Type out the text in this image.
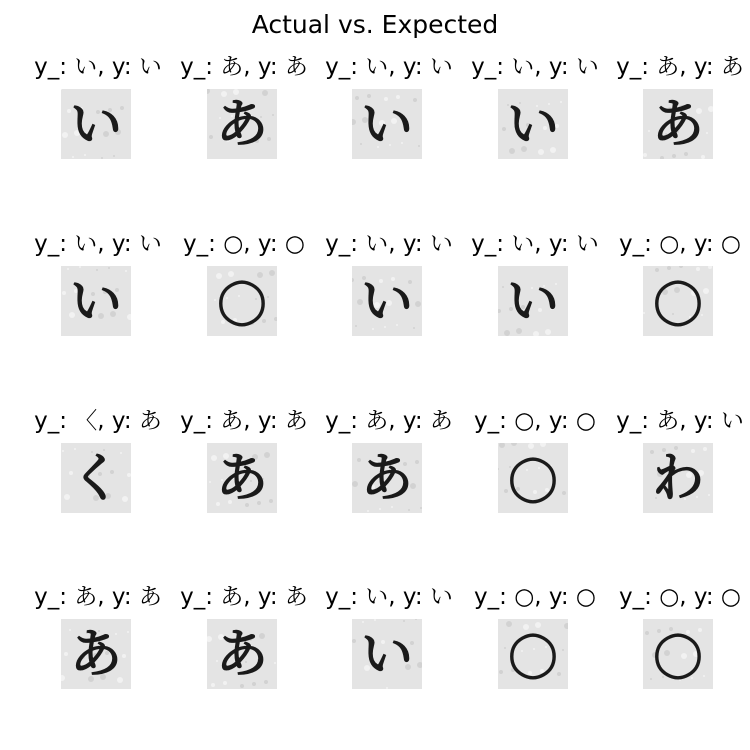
Actual vs. Expected
y_: い, y: い
い
y_: あ, y: あ
あ
y_: い, y: い
い
y_: い, y: い
い
y_: あ, y: あ
あ
y_: い, y: い
い
y_: ○, y: ○
○
y_: い, y: い
い
y_: い, y: い
い
y_: ○, y: ○
○
y_: 〈, y: あ
く
y_: あ, y: あ
あ
y_: あ, y: あ
あ
y_: ○, y: ○
○
y_: あ, y: い
わ
y_: あ, y: あ
あ
y_: あ, y: あ
あ
y_: い, y: い
い
y_: ○, y: ○
○
y_: ○, y: ○
○
